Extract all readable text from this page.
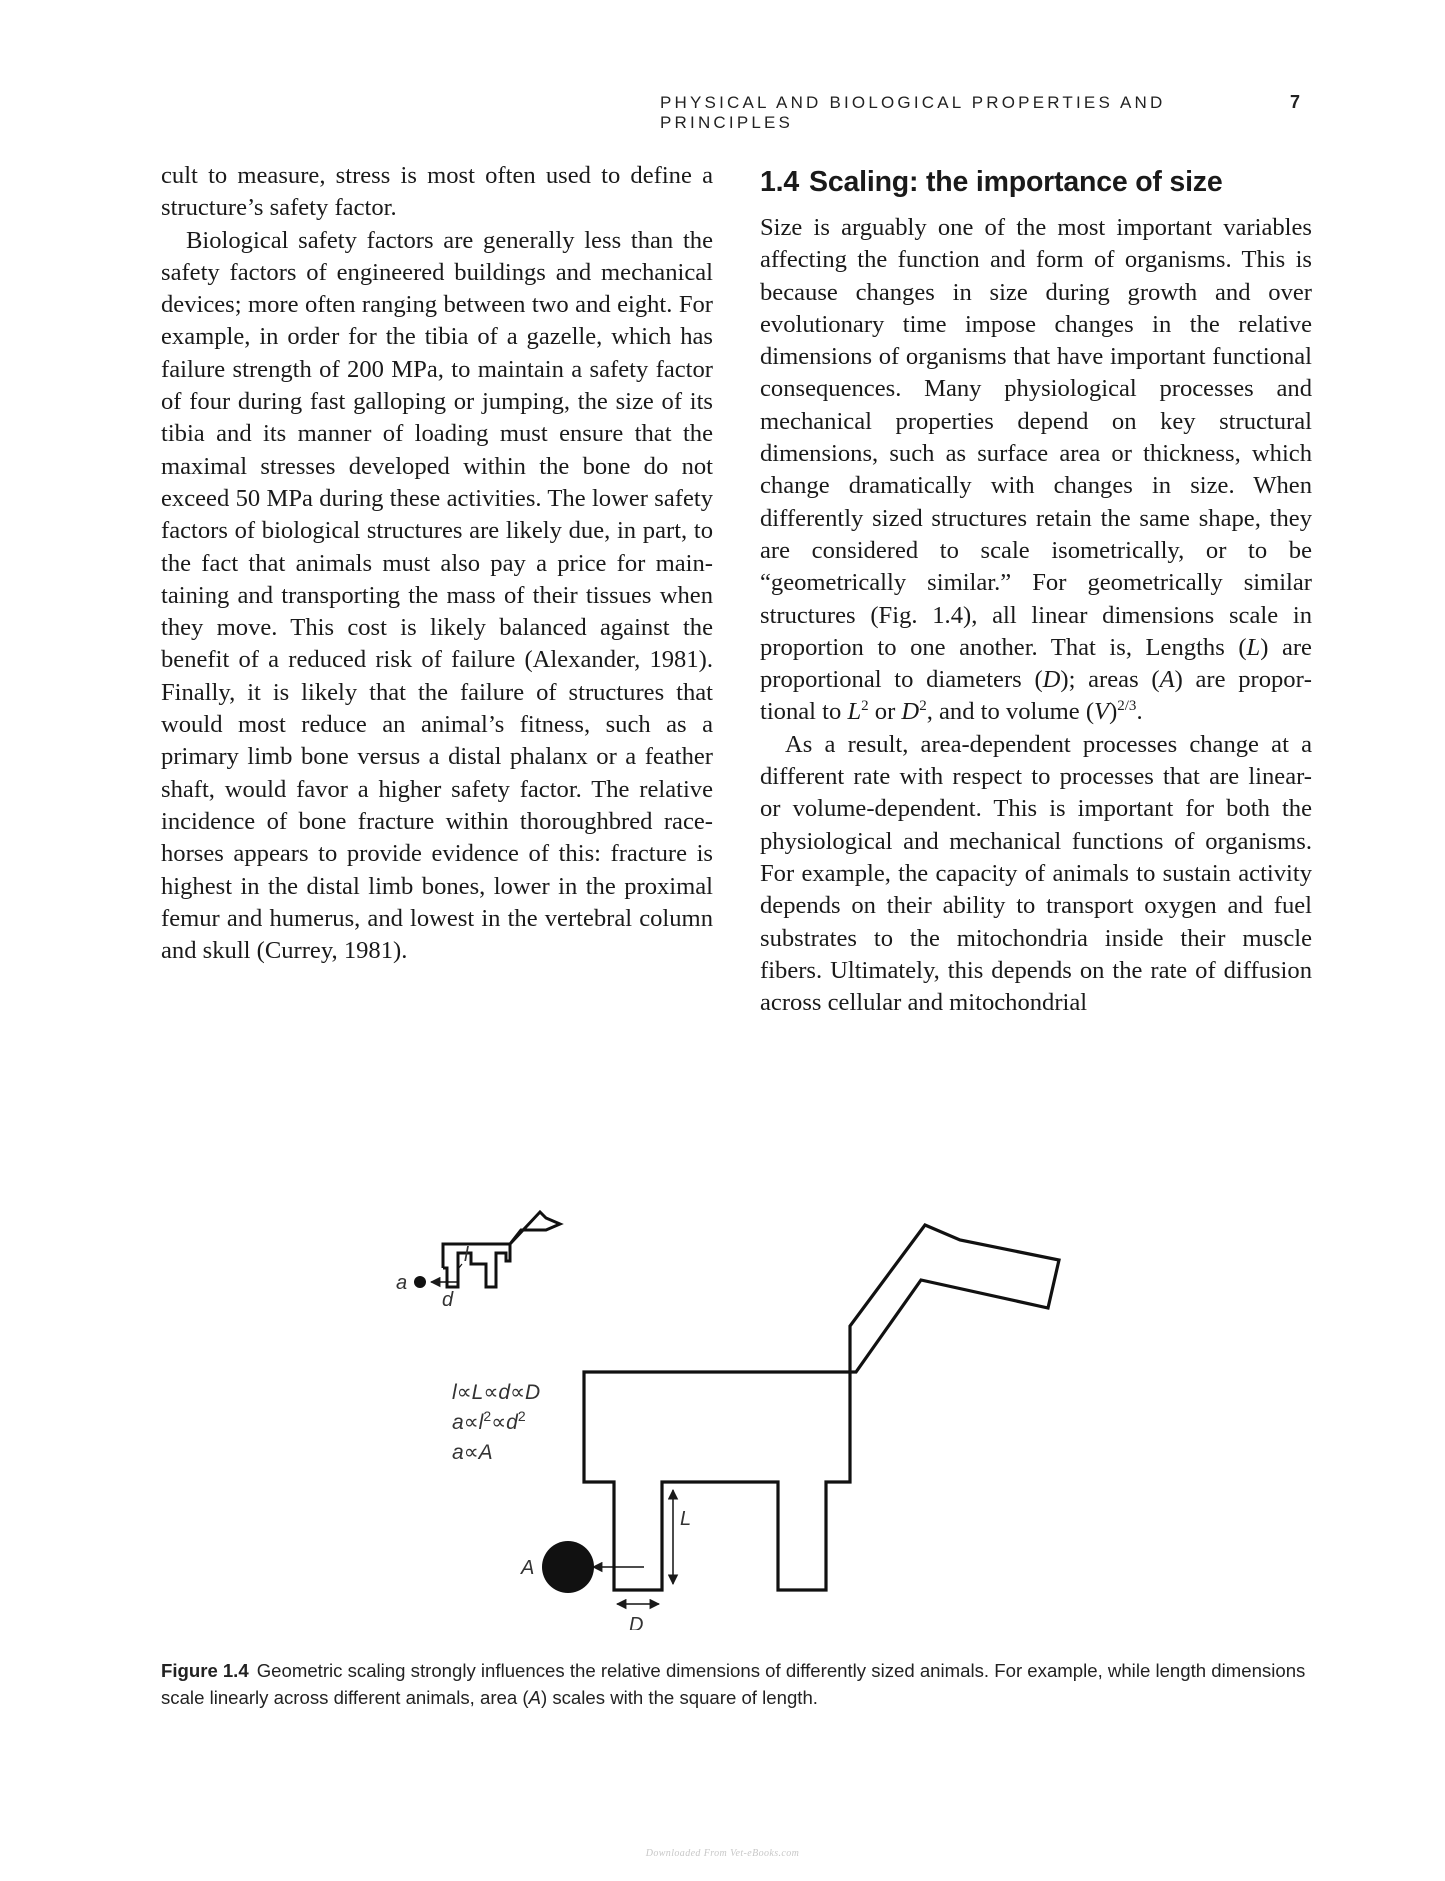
PHYSICAL AND BIOLOGICAL PROPERTIES AND PRINCIPLES
7

cult to measure, stress is most often used to define a structure’s safety factor.

Biological safety factors are generally less than the safety factors of engineered buildings and mechanical devices; more often ranging between two and eight. For example, in order for the tibia of a gazelle, which has failure strength of 200 MPa, to maintain a safety factor of four during fast galloping or jumping, the size of its tibia and its manner of loading must ensure that the maximal stresses developed within the bone do not exceed 50 MPa during these activities. The lower safety factors of biological structures are likely due, in part, to the fact that animals must also pay a price for maintaining and transporting the mass of their tissues when they move. This cost is likely balanced against the benefit of a reduced risk of failure (Alexander, 1981). Finally, it is likely that the failure of structures that would most reduce an animal’s fitness, such as a primary limb bone versus a distal phalanx or a feather shaft, would favor a higher safety factor. The relative incidence of bone fracture within thoroughbred race-horses appears to provide evidence of this: fracture is highest in the distal limb bones, lower in the proximal femur and humerus, and lowest in the vertebral column and skull (Currey, 1981).

1.4 Scaling: the importance of size

Size is arguably one of the most important variables affecting the function and form of organisms. This is because changes in size during growth and over evolutionary time impose changes in the relative dimensions of organisms that have important functional consequences. Many physiological processes and mechanical properties depend on key structural dimensions, such as surface area or thickness, which change dramatically with changes in size. When differently sized structures retain the same shape, they are considered to scale isometrically, or to be “geometrically similar.” For geometrically similar structures (Fig. 1.4), all linear dimensions scale in proportion to one another. That is, Lengths (L) are proportional to diameters (D); areas (A) are proportional to $L^2$ or $D^2$, and to volume $(V)^{2/3}$.

As a result, area-dependent processes change at a different rate with respect to processes that are linear- or volume-dependent. This is important for both the physiological and mechanical functions of organisms. For example, the capacity of animals to sustain activity depends on their ability to transport oxygen and fuel substrates to the mitochondria inside their muscle fibers. Ultimately, this depends on the rate of diffusion across cellular and mitochondrial

a
l
d
A
L
D
l∝L∝d∝D
$a\propto l^2\propto d^2$
a∝A
Figure 1.4 Geometric scaling strongly influences the relative dimensions of differently sized animals. For example, while length dimensions scale linearly across different animals, area (A) scales with the square of length.
Downloaded From Vet-eBooks.com
